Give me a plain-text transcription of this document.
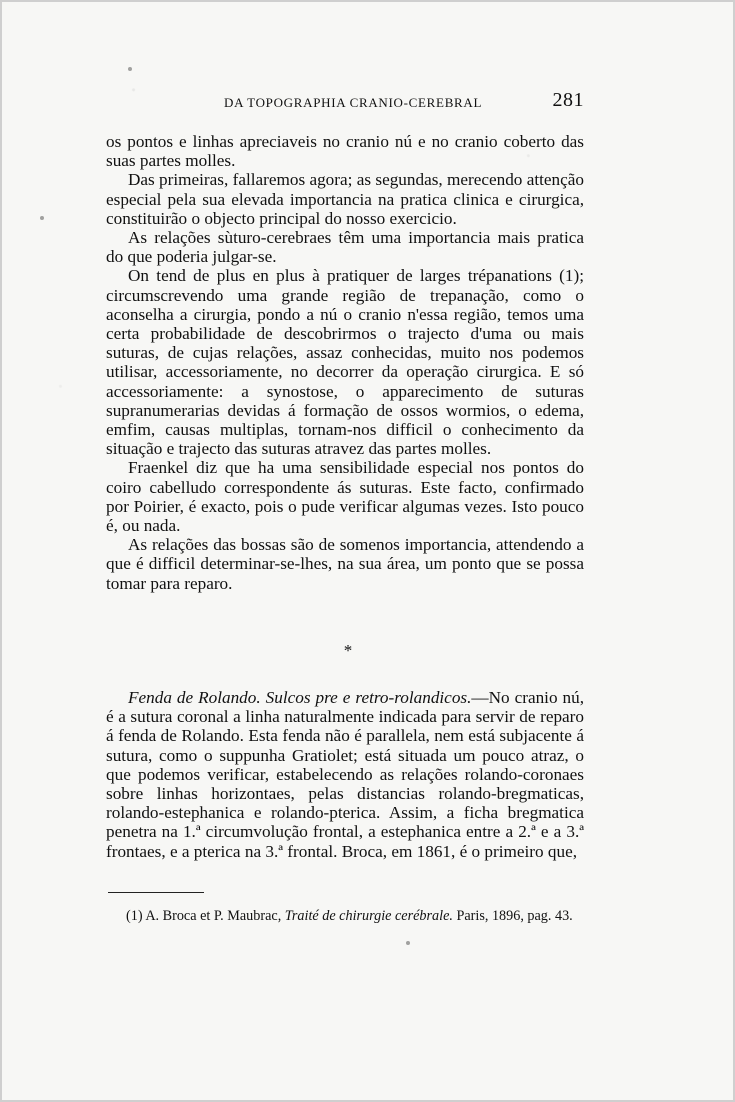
DA TOPOGRAPHIA CRANIO-CEREBRAL	281

os pontos e linhas apreciaveis no cranio nú e no cranio coberto das suas partes molles.

Das primeiras, fallaremos agora; as segundas, merecendo attenção especial pela sua elevada importancia na pratica clinica e cirurgica, constituirão o objecto principal do nosso exercicio.

As relações sùturo-cerebraes têm uma importancia mais pratica do que poderia julgar-se.

On tend de plus en plus à pratiquer de larges trépanations (1); circumscrevendo uma grande região de trepanação, como o aconselha a cirurgia, pondo a nú o cranio n'essa região, temos uma certa probabilidade de descobrirmos o trajecto d'uma ou mais suturas, de cujas relações, assaz conhecidas, muito nos podemos utilisar, accessoriamente, no decorrer da operação cirurgica. E só accessoriamente: a synostose, o apparecimento de suturas supranumerarias devidas á formação de ossos wormios, o edema, emfim, causas multiplas, tornam-nos difficil o conhecimento da situação e trajecto das suturas atravez das partes molles.

Fraenkel diz que ha uma sensibilidade especial nos pontos do coiro cabelludo correspondente ás suturas. Este facto, confirmado por Poirier, é exacto, pois o pude verificar algumas vezes. Isto pouco é, ou nada.

As relações das bossas são de somenos importancia, attendendo a que é difficil determinar-se-lhes, na sua área, um ponto que se possa tomar para reparo.

*

Fenda de Rolando. Sulcos pre e retro-rolandicos.—No cranio nú, é a sutura coronal a linha naturalmente indicada para servir de reparo á fenda de Rolando. Esta fenda não é parallela, nem está subjacente á sutura, como o suppunha Gratiolet; está situada um pouco atraz, o que podemos verificar, estabelecendo as relações rolando-coronaes sobre linhas horizontaes, pelas distancias rolando-bregmaticas, rolando-estephanica e rolando-pterica. Assim, a ficha bregmatica penetra na 1.ª circumvolução frontal, a estephanica entre a 2.ª e a 3.ª frontaes, e a pterica na 3.ª frontal. Broca, em 1861, é o primeiro que,

(1) A. Broca et P. Maubrac, Traité de chirurgie cerébrale. Paris, 1896, pag. 43.
